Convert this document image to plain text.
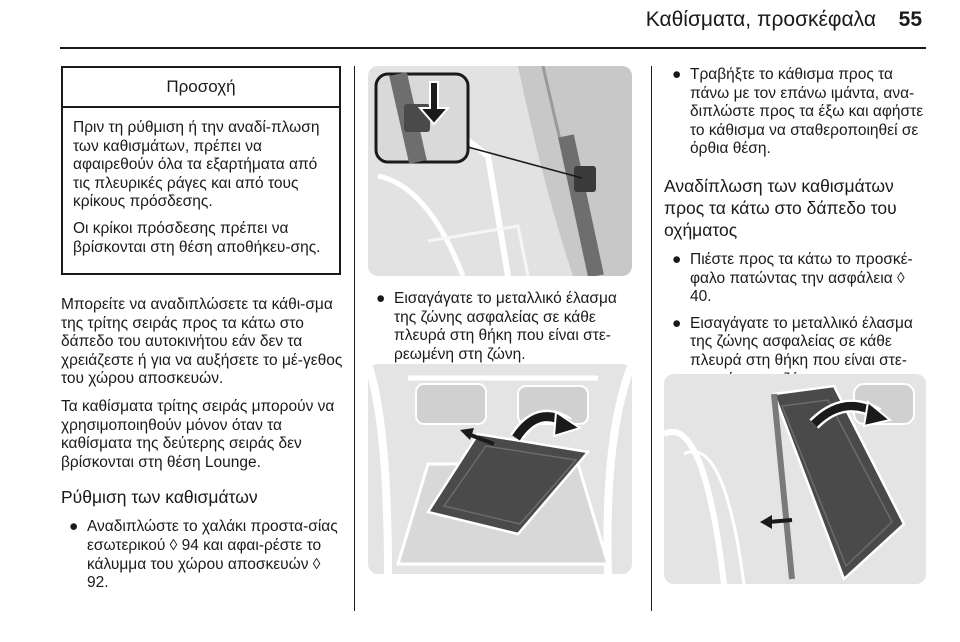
Καθίσματα, προσκέφαλα 55
Προσοχή

Πριν τη ρύθμιση ή την αναδί-πλωση των καθισμάτων, πρέπει να αφαιρεθούν όλα τα εξαρτήματα από τις πλευρικές ράγες και από τους κρίκους πρόσδεσης.

Οι κρίκοι πρόσδεσης πρέπει να βρίσκονται στη θέση αποθήκευ-σης.

Μπορείτε να αναδιπλώσετε τα κάθι-σμα της τρίτης σειράς προς τα κάτω στο δάπεδο του αυτοκινήτου εάν δεν τα χρειάζεστε ή για να αυξήσετε το μέ-γεθος του χώρου αποσκευών.

Τα καθίσματα τρίτης σειράς μπορούν να χρησιμοποιηθούν μόνον όταν τα καθίσματα της δεύτερης σειράς δεν βρίσκονται στη θέση Lounge.

Ρύθμιση των καθισμάτων
● Αναδιπλώστε το χαλάκι προστα-σίας εσωτερικού ◊ 94 και αφαι-ρέστε το κάλυμμα του χώρου αποσκευών ◊ 92.
● Εισαγάγατε το μεταλλικό έλασμα της ζώνης ασφαλείας σε κάθε πλευρά στη θήκη που είναι στε-ρεωμένη στη ζώνη.
● Τραβήξτε το κάθισμα προς τα πάνω με τον επάνω ιμάντα, ανα-διπλώστε προς τα έξω και αφήστε το κάθισμα να σταθεροποιηθεί σε όρθια θέση.
Αναδίπλωση των καθισμάτων προς τα κάτω στο δάπεδο του οχήματος
● Πιέστε προς τα κάτω το προσκέ-φαλο πατώντας την ασφάλεια ◊ 40.
● Εισαγάγατε το μεταλλικό έλασμα της ζώνης ασφαλείας σε κάθε πλευρά στη θήκη που είναι στε-
